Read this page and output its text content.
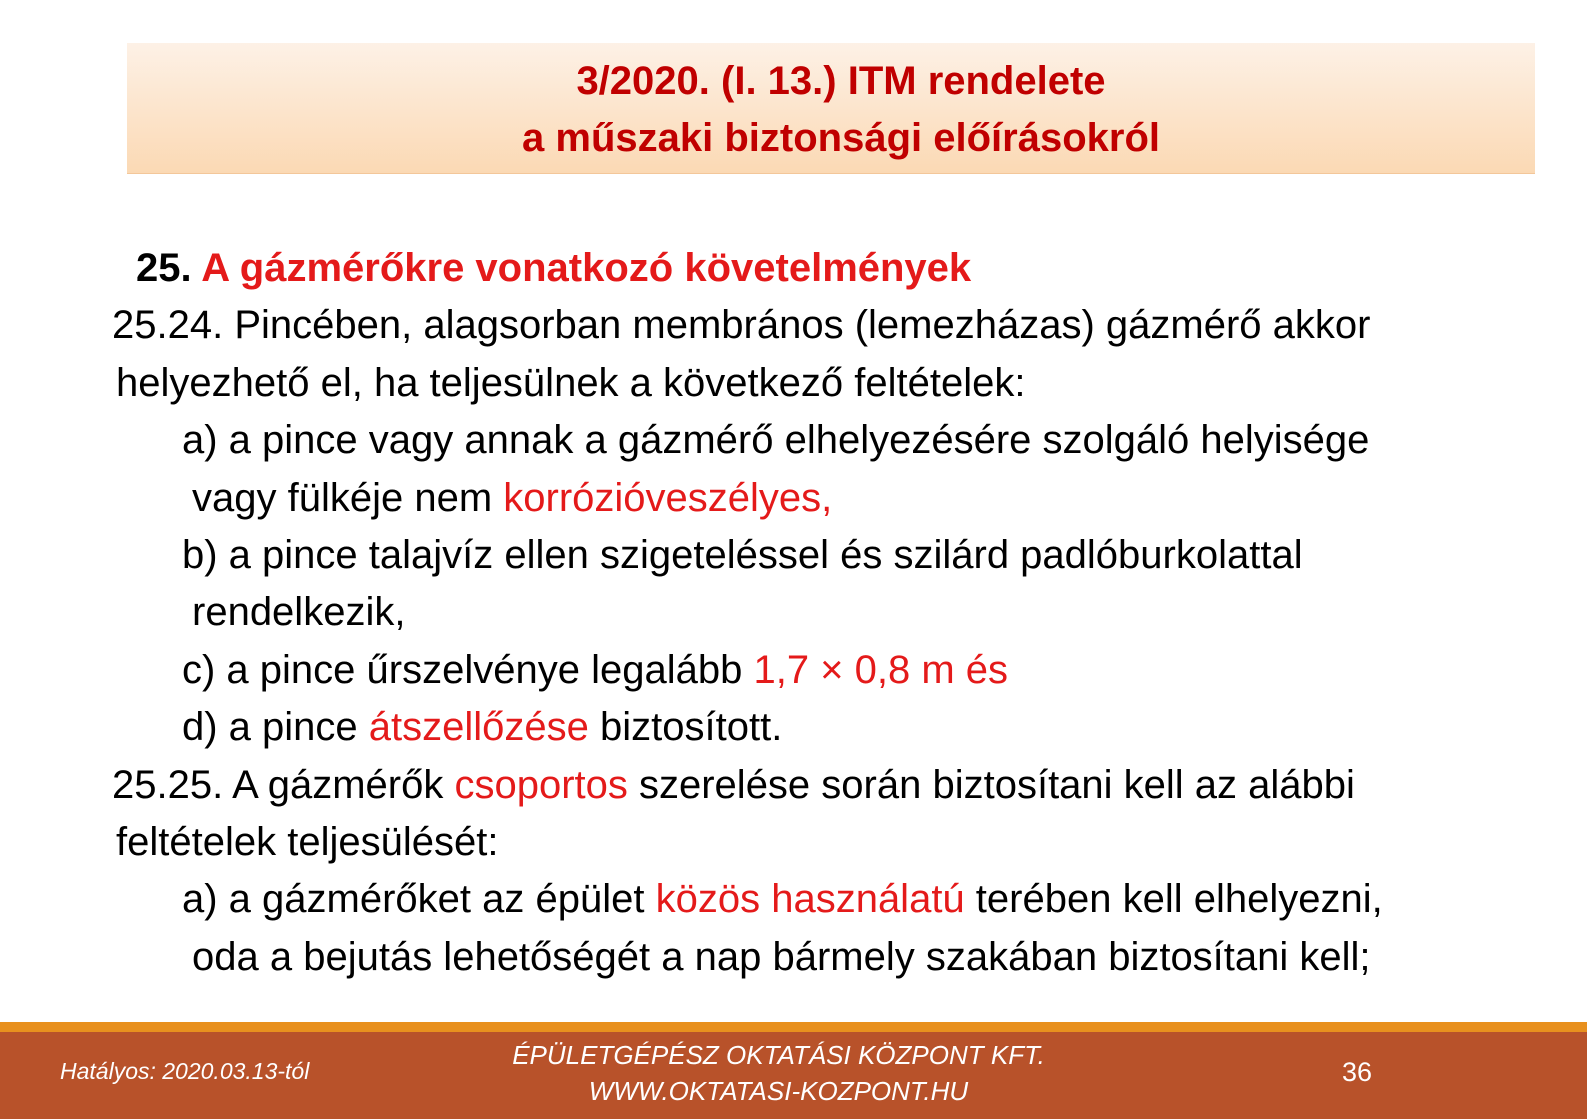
3/2020. (I. 13.) ITM rendelete
a műszaki biztonsági előírásokról
25. A gázmérőkre vonatkozó követelmények
25.24. Pincében, alagsorban membrános (lemezházas) gázmérő akkor
helyezhető el, ha teljesülnek a következő feltételek:
a) a pince vagy annak a gázmérő elhelyezésére szolgáló helyisége
vagy fülkéje nem korrózióveszélyes,
b) a pince talajvíz ellen szigeteléssel és szilárd padlóburkolattal
rendelkezik,
c) a pince űrszelvénye legalább 1,7 × 0,8 m és
d) a pince átszellőzése biztosított.
25.25. A gázmérők csoportos szerelése során biztosítani kell az alábbi
feltételek teljesülését:
a) a gázmérőket az épület közös használatú terében kell elhelyezni,
oda a bejutás lehetőségét a nap bármely szakában biztosítani kell;
Hatályos: 2020.03.13-tól
ÉPÜLETGÉPÉSZ OKTATÁSI KÖZPONT KFT.
WWW.OKTATASI-KOZPONT.HU
36
